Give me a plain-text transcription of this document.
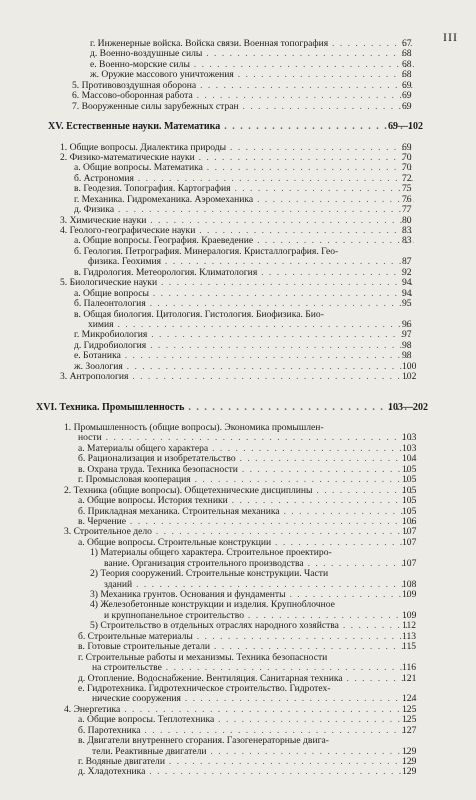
III
г. Инженерные войска. Войска связи. Военная топография . . .	67
д. Военно-воздушные силы . . .	68
е. Военно-морские силы . . .	68
ж. Оружие массового уничтожения . . .	68
5. Противовоздушная оборона . . .	69
6. Массово-оборонная работа . . .	69
7. Вооруженные силы зарубежных стран . . .	69
XV. Естественные науки. Математика . . .	69—102
1. Общие вопросы. Диалектика природы . . .	69
2. Физико-математические науки . . .	70
а. Общие вопросы. Математика . . .	70
б. Астрономия . . .	72
в. Геодезия. Топография. Картография . . .	75
г. Механика. Гидромеханика. Аэромеханика . . .	76
д. Физика . . .	77
3. Химические науки . . .	80
4. Геолого-географические науки . . .	83
а. Общие вопросы. География. Краеведение . . .	83
б. Геология. Петрография. Минералогия. Кристаллография. Гео-
физика. Геохимия . . .	87
в. Гидрология. Метеорология. Климатология . . .	92
5. Биологические науки . . .	94
а. Общие вопросы . . .	94
б. Палеонтология . . .	95
в. Общая биология. Цитология. Гистология. Биофизика. Био-
химия . . .	96
г. Микробиология . . .	97
д. Гидробиология . . .	98
е. Ботаника . . .	98
ж. Зоология . . .	100
3. Антропология . . .	102
XVI. Техника. Промышленность . . .	103—202
1. Промышленность (общие вопросы). Экономика промышлен-
ности . . .	103
а. Материалы общего характера . . .	103
б. Рационализация и изобретательство . . .	104
в. Охрана труда. Техника безопасности . . .	105
г. Промысловая кооперация . . .	105
2. Техника (общие вопросы). Общетехнические дисциплины . . .	105
а. Общие вопросы. История техники . . .	105
б. Прикладная механика. Строительная механика . . .	105
в. Черчение . . .	106
3. Строительное дело . . .	107
а. Общие вопросы. Строительные конструкции . . .	107
1) Материалы общего характера. Строительное проектиро-
вание. Организация строительного производства . . .	107
2) Теория сооружений. Строительные конструкции. Части
зданий . . .	108
3) Механика грунтов. Основания и фундаменты . . .	109
4) Железобетонные конструкции и изделия. Крупноблочное
и крупнопанельное строительство . . .	109
5) Строительство в отдельных отраслях народного хозяйства . . .	112
б. Строительные материалы . . .	113
в. Готовые строительные детали . . .	115
г. Строительные работы и механизмы. Техника безопасности
на строительстве . . .	116
д. Отопление. Водоснабжение. Вентиляция. Санитарная техника . . .	121
е. Гидротехника. Гидротехническое строительство. Гидротех-
нические сооружения . . .	124
4. Энергетика . . .	125
а. Общие вопросы. Теплотехника . . .	125
б. Паротехника . . .	127
в. Двигатели внутреннего сгорания. Газогенераторные двига-
тели. Реактивные двигатели . . .	129
г. Водяные двигатели . . .	129
д. Хладотехника . . .	129
